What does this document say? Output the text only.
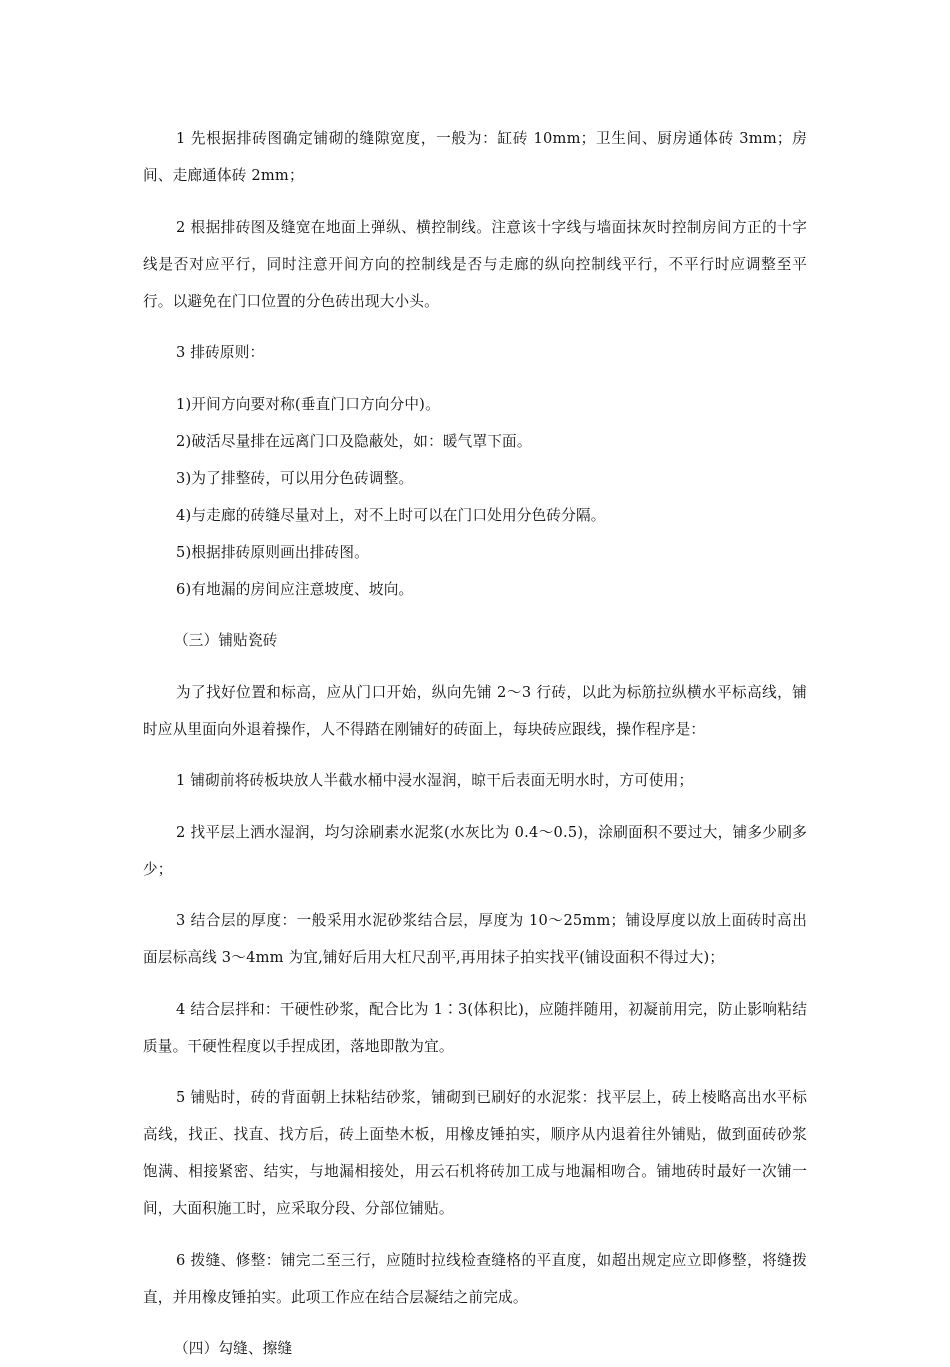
1 先根据排砖图确定铺砌的缝隙宽度，一般为：缸砖 10mm；卫生间、厨房通体砖 3mm；房间、走廊通体砖 2mm；

2 根据排砖图及缝宽在地面上弹纵、横控制线。注意该十字线与墙面抹灰时控制房间方正的十字线是否对应平行，同时注意开间方向的控制线是否与走廊的纵向控制线平行，不平行时应调整至平行。以避免在门口位置的分色砖出现大小头。

3 排砖原则：

1)开间方向要对称(垂直门口方向分中)。

2)破活尽量排在远离门口及隐蔽处，如：暖气罩下面。

3)为了排整砖，可以用分色砖调整。

4)与走廊的砖缝尽量对上，对不上时可以在门口处用分色砖分隔。

5)根据排砖原则画出排砖图。

6)有地漏的房间应注意坡度、坡向。

（三）铺贴瓷砖

为了找好位置和标高，应从门口开始，纵向先铺 2～3 行砖，以此为标筋拉纵横水平标高线，铺时应从里面向外退着操作，人不得踏在刚铺好的砖面上，每块砖应跟线，操作程序是：

1 铺砌前将砖板块放人半截水桶中浸水湿润，晾干后表面无明水时，方可使用；

2 找平层上洒水湿润，均匀涂刷素水泥浆(水灰比为 0.4～0.5)，涂刷面积不要过大，铺多少刷多少；

3 结合层的厚度：一般采用水泥砂浆结合层，厚度为 10～25mm；铺设厚度以放上面砖时高出面层标高线 3～4mm 为宜,铺好后用大杠尺刮平,再用抹子拍实找平(铺设面积不得过大)；

4 结合层拌和：干硬性砂浆，配合比为 1∶3(体积比)，应随拌随用，初凝前用完，防止影响粘结质量。干硬性程度以手捏成团，落地即散为宜。

5 铺贴时，砖的背面朝上抹粘结砂浆，铺砌到已刷好的水泥浆：找平层上，砖上棱略高出水平标高线，找正、找直、找方后，砖上面垫木板，用橡皮锤拍实，顺序从内退着往外铺贴，做到面砖砂浆饱满、相接紧密、结实，与地漏相接处，用云石机将砖加工成与地漏相吻合。铺地砖时最好一次铺一间，大面积施工时，应采取分段、分部位铺贴。

6 拨缝、修整：铺完二至三行，应随时拉线检查缝格的平直度，如超出规定应立即修整，将缝拨直，并用橡皮锤拍实。此项工作应在结合层凝结之前完成。

（四）勾缝、擦缝
